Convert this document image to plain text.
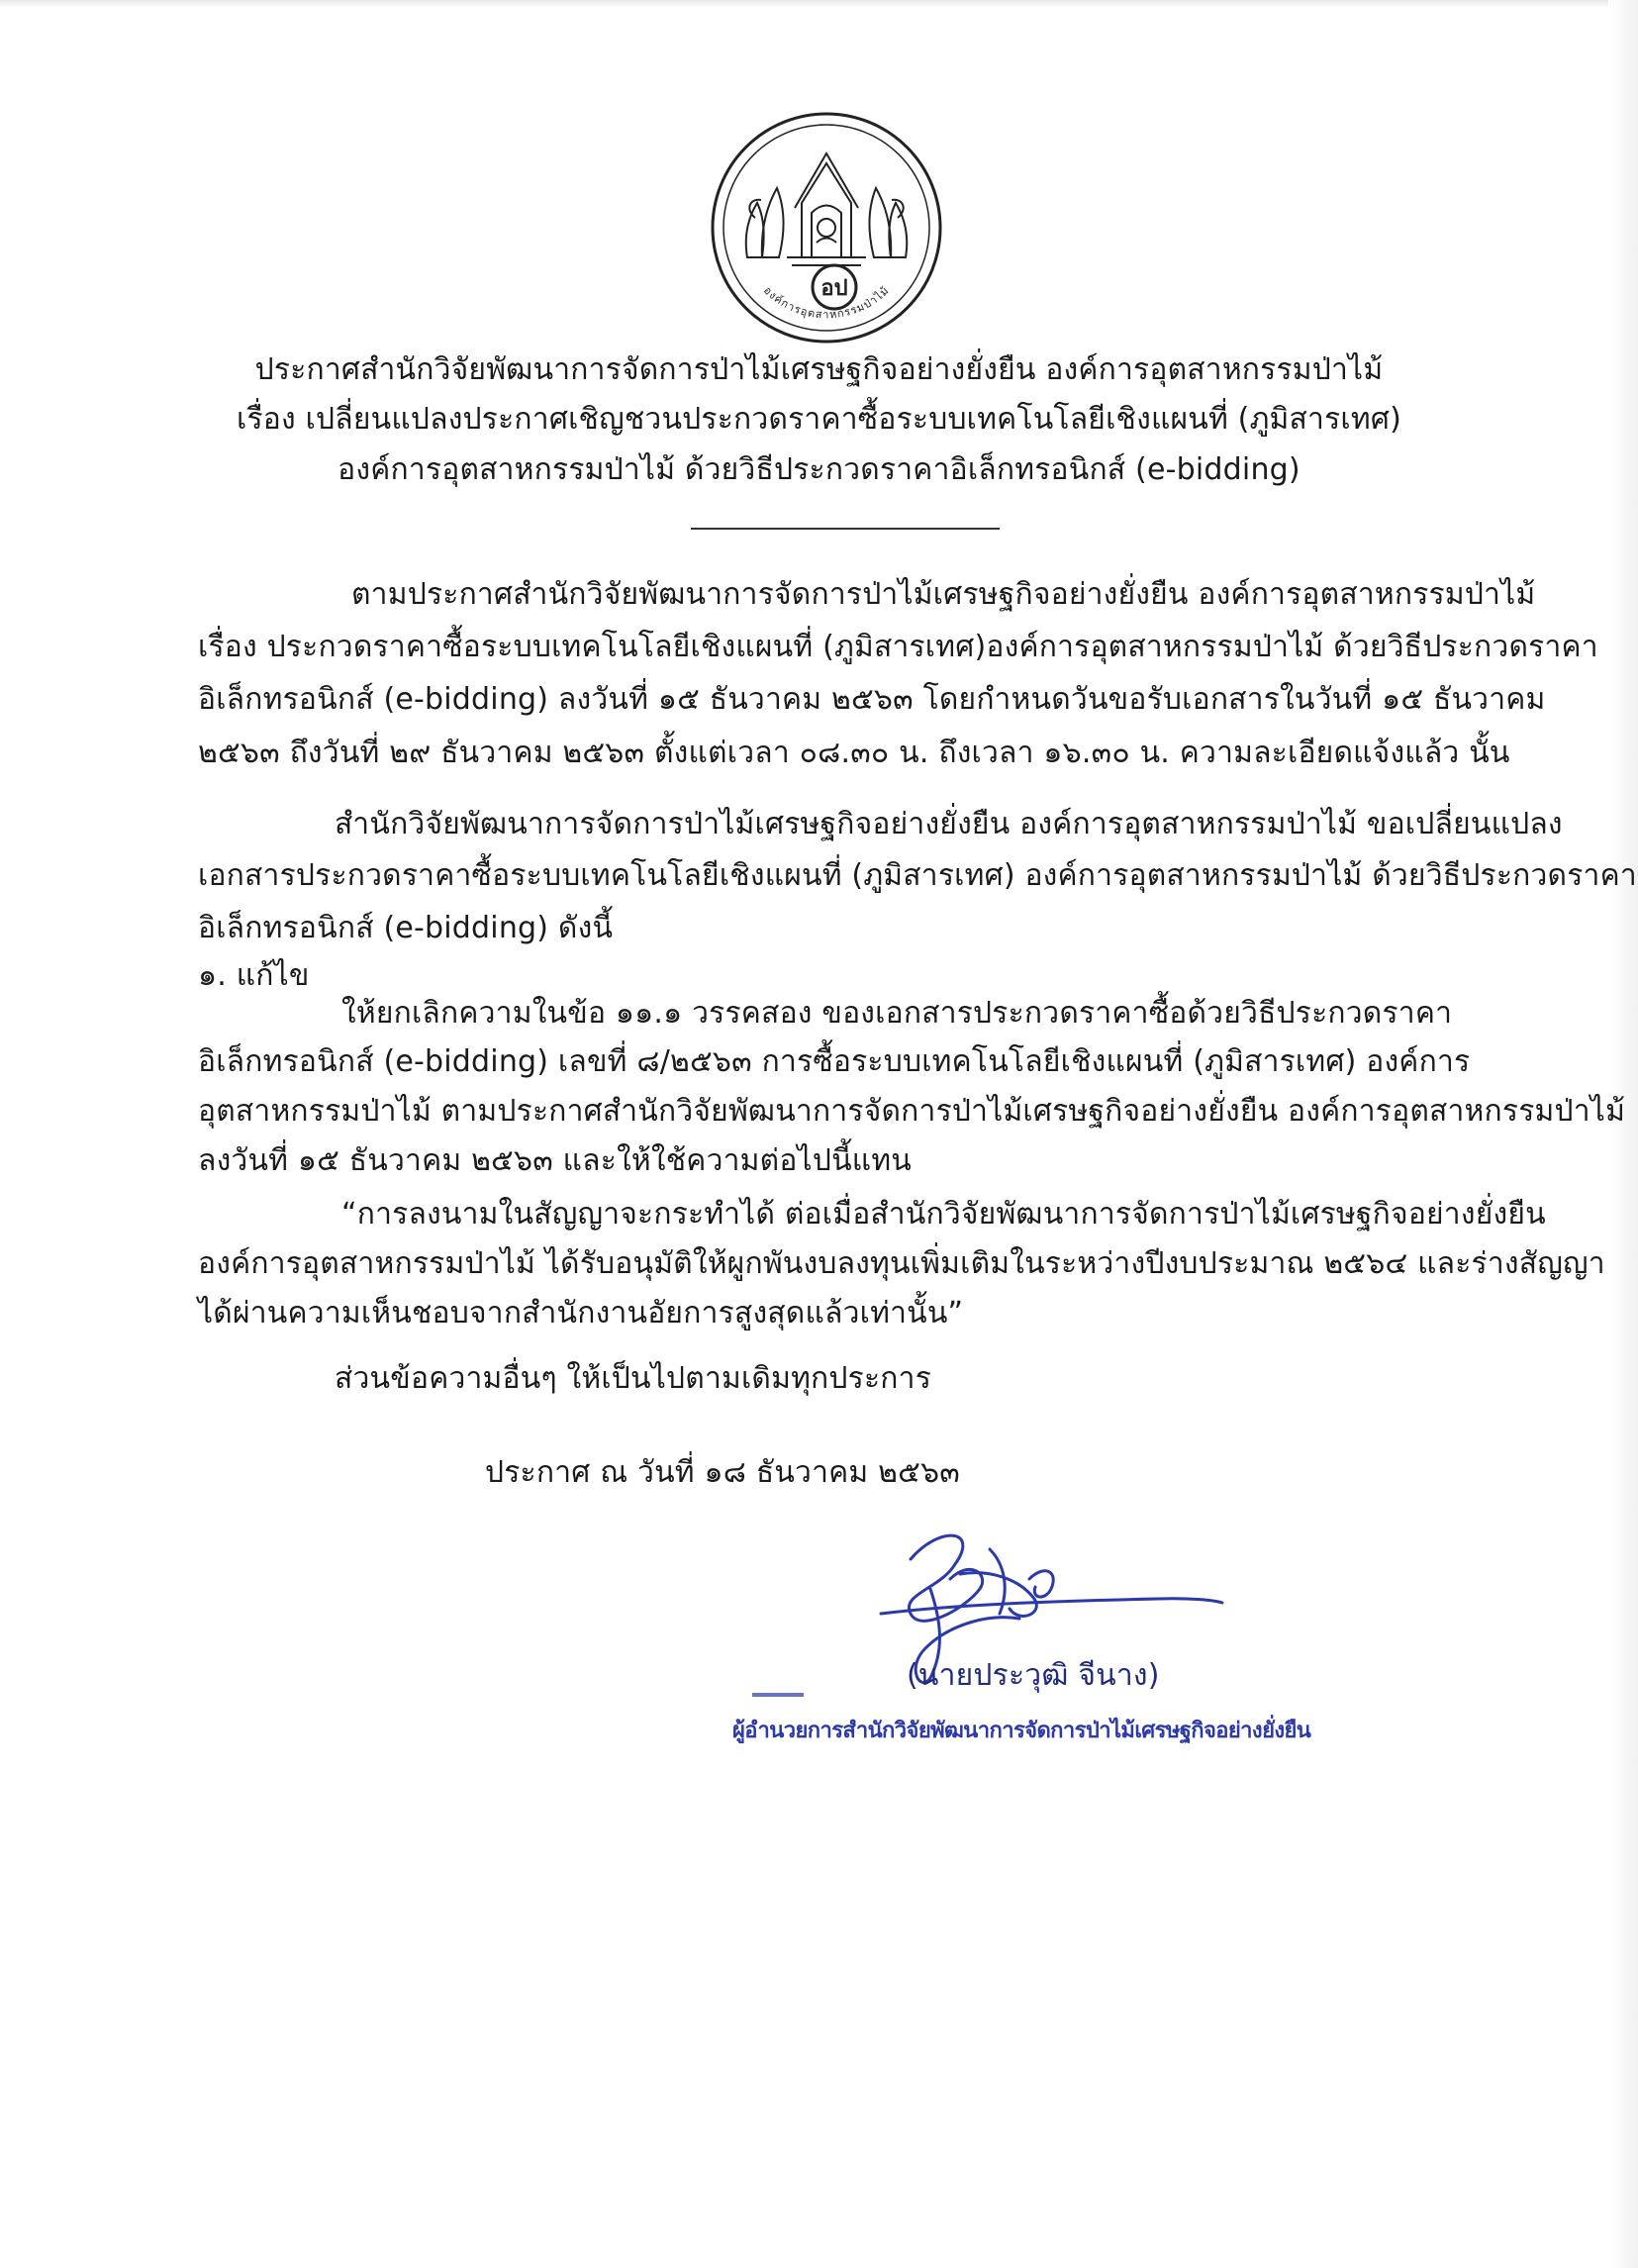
อป
องค์การอุตสาหกรรมป่าไม้
ประกาศสำนักวิจัยพัฒนาการจัดการป่าไม้เศรษฐกิจอย่างยั่งยืน องค์การอุตสาหกรรมป่าไม้
เรื่อง เปลี่ยนแปลงประกาศเชิญชวนประกวดราคาซื้อระบบเทคโนโลยีเชิงแผนที่ (ภูมิสารเทศ)
องค์การอุตสาหกรรมป่าไม้ ด้วยวิธีประกวดราคาอิเล็กทรอนิกส์ (e-bidding)
ตามประกาศสำนักวิจัยพัฒนาการจัดการป่าไม้เศรษฐกิจอย่างยั่งยืน องค์การอุตสาหกรรมป่าไม้
เรื่อง ประกวดราคาซื้อระบบเทคโนโลยีเชิงแผนที่ (ภูมิสารเทศ)องค์การอุตสาหกรรมป่าไม้ ด้วยวิธีประกวดราคา
อิเล็กทรอนิกส์ (e-bidding) ลงวันที่ ๑๕ ธันวาคม ๒๕๖๓ โดยกำหนดวันขอรับเอกสารในวันที่ ๑๕ ธันวาคม
๒๕๖๓ ถึงวันที่ ๒๙ ธันวาคม ๒๕๖๓ ตั้งแต่เวลา ๐๘.๓๐ น. ถึงเวลา ๑๖.๓๐ น. ความละเอียดแจ้งแล้ว นั้น
สำนักวิจัยพัฒนาการจัดการป่าไม้เศรษฐกิจอย่างยั่งยืน องค์การอุตสาหกรรมป่าไม้ ขอเปลี่ยนแปลง
เอกสารประกวดราคาซื้อระบบเทคโนโลยีเชิงแผนที่ (ภูมิสารเทศ) องค์การอุตสาหกรรมป่าไม้ ด้วยวิธีประกวดราคา
อิเล็กทรอนิกส์ (e-bidding) ดังนี้
๑. แก้ไข
ให้ยกเลิกความในข้อ ๑๑.๑ วรรคสอง ของเอกสารประกวดราคาซื้อด้วยวิธีประกวดราคา
อิเล็กทรอนิกส์ (e-bidding) เลขที่ ๘/๒๕๖๓ การซื้อระบบเทคโนโลยีเชิงแผนที่ (ภูมิสารเทศ) องค์การ
อุตสาหกรรมป่าไม้ ตามประกาศสำนักวิจัยพัฒนาการจัดการป่าไม้เศรษฐกิจอย่างยั่งยืน องค์การอุตสาหกรรมป่าไม้
ลงวันที่ ๑๕ ธันวาคม ๒๕๖๓ และให้ใช้ความต่อไปนี้แทน
“การลงนามในสัญญาจะกระทำได้ ต่อเมื่อสำนักวิจัยพัฒนาการจัดการป่าไม้เศรษฐกิจอย่างยั่งยืน
องค์การอุตสาหกรรมป่าไม้ ได้รับอนุมัติให้ผูกพันงบลงทุนเพิ่มเติมในระหว่างปีงบประมาณ ๒๕๖๔ และร่างสัญญา
ได้ผ่านความเห็นชอบจากสำนักงานอัยการสูงสุดแล้วเท่านั้น”
ส่วนข้อความอื่นๆ ให้เป็นไปตามเดิมทุกประการ
ประกาศ ณ วันที่ ๑๘ ธันวาคม ๒๕๖๓
(นายประวุฒิ จีนาง)
ผู้อำนวยการสำนักวิจัยพัฒนาการจัดการป่าไม้เศรษฐกิจอย่างยั่งยืน
